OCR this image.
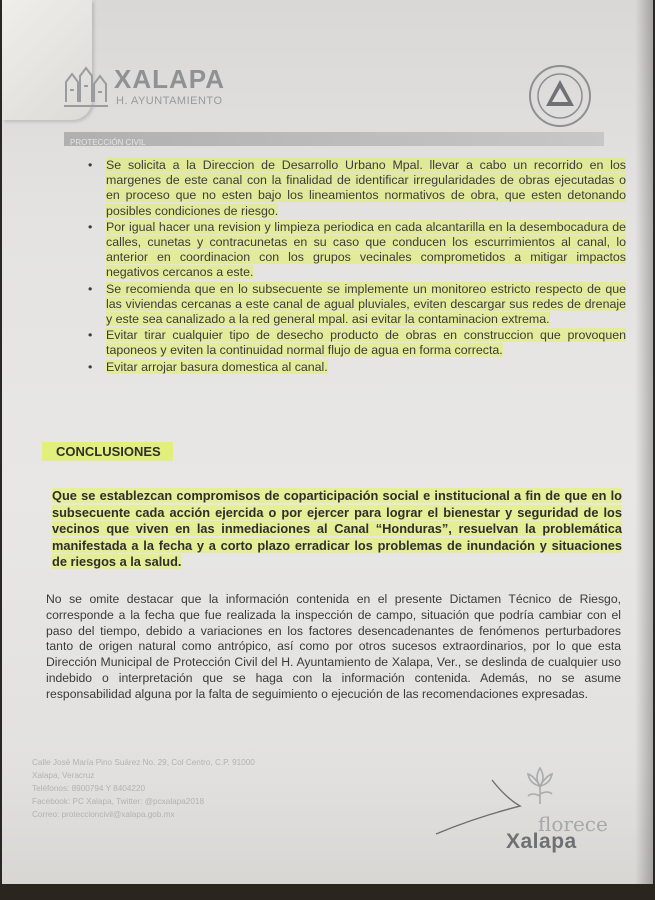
XALAPA
H. AYUNTAMIENTO
PROTECCIÓN CIVIL
• Se solicita a la Direccion de Desarrollo Urbano Mpal. llevar a cabo un recorrido en los margenes de este canal con la finalidad de identificar irregularidades de obras ejecutadas o en proceso que no esten bajo los lineamientos normativos de obra, que esten detonando posibles condiciones de riesgo.
• Por igual hacer una revision y limpieza periodica en cada alcantarilla en la desembocadura de calles, cunetas y contracunetas en su caso que conducen los escurrimientos al canal, lo anterior en coordinacion con los grupos vecinales comprometidos a mitigar impactos negativos cercanos a este.
• Se recomienda que en lo subsecuente se implemente un monitoreo estricto respecto de que las viviendas cercanas a este canal de agual pluviales, eviten descargar sus redes de drenaje y este sea canalizado a la red general mpal. asi evitar la contaminacion extrema.
• Evitar tirar cualquier tipo de desecho producto de obras en construccion que provoquen taponeos y eviten la continuidad normal flujo de agua en forma correcta.
• Evitar arrojar basura domestica al canal.
CONCLUSIONES
Que se establezcan compromisos de coparticipación social e institucional a fin de que en lo subsecuente cada acción ejercida o por ejercer para lograr el bienestar y seguridad de los vecinos que viven en las inmediaciones al Canal “Honduras”, resuelvan la problemática manifestada a la fecha y a corto plazo erradicar los problemas de inundación y situaciones de riesgos a la salud.
No se omite destacar que la información contenida en el presente Dictamen Técnico de Riesgo, corresponde a la fecha que fue realizada la inspección de campo, situación que podría cambiar con el paso del tiempo, debido a variaciones en los factores desencadenantes de fenómenos perturbadores tanto de origen natural como antrópico, así como por otros sucesos extraordinarios, por lo que esta Dirección Municipal de Protección Civil del H. Ayuntamiento de Xalapa, Ver., se deslinda de cualquier uso indebido o interpretación que se haga con la información contenida. Además, no se asume responsabilidad alguna por la falta de seguimiento o ejecución de las recomendaciones expresadas.
Calle José María Pino Suárez No. 29, Col Centro, C.P. 91000
Xalapa, Veracruz
Teléfonos: 8900794 Y 8404220
Facebook: PC Xalapa, Twitter: @pcxalapa2018
Correo: proteccioncivil@xalapa.gob.mx	florece
Xalapa
